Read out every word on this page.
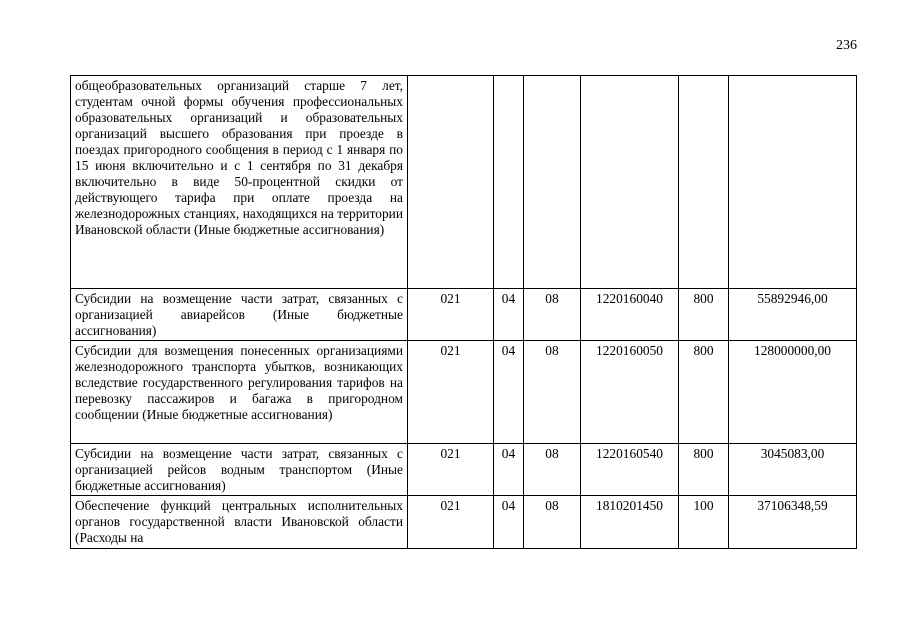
236
общеобразовательных организаций старше 7 лет, студентам очной формы обучения профессиональных образовательных организаций и образовательных организаций высшего образования при проезде в поездах пригородного сообщения в период с 1 января по 15 июня включительно и с 1 сентября по 31 декабря включительно в виде 50-процентной скидки от действующего тарифа при оплате проезда на железнодорожных станциях, находящихся на территории Ивановской области (Иные бюджетные ассигнования)						
Субсидии на возмещение части затрат, связанных с организацией авиарейсов (Иные бюджетные ассигнования)	021	04	08	1220160040	800	55892946,00
Субсидии для возмещения понесенных организациями железнодорожного транспорта убытков, возникающих вследствие государственного регулирования тарифов на перевозку пассажиров и багажа в пригородном сообщении (Иные бюджетные ассигнования)	021	04	08	1220160050	800	128000000,00
Субсидии на возмещение части затрат, связанных с организацией рейсов водным транспортом (Иные бюджетные ассигнования)	021	04	08	1220160540	800	3045083,00
Обеспечение функций центральных исполнительных органов государственной власти Ивановской области (Расходы на	021	04	08	1810201450	100	37106348,59
